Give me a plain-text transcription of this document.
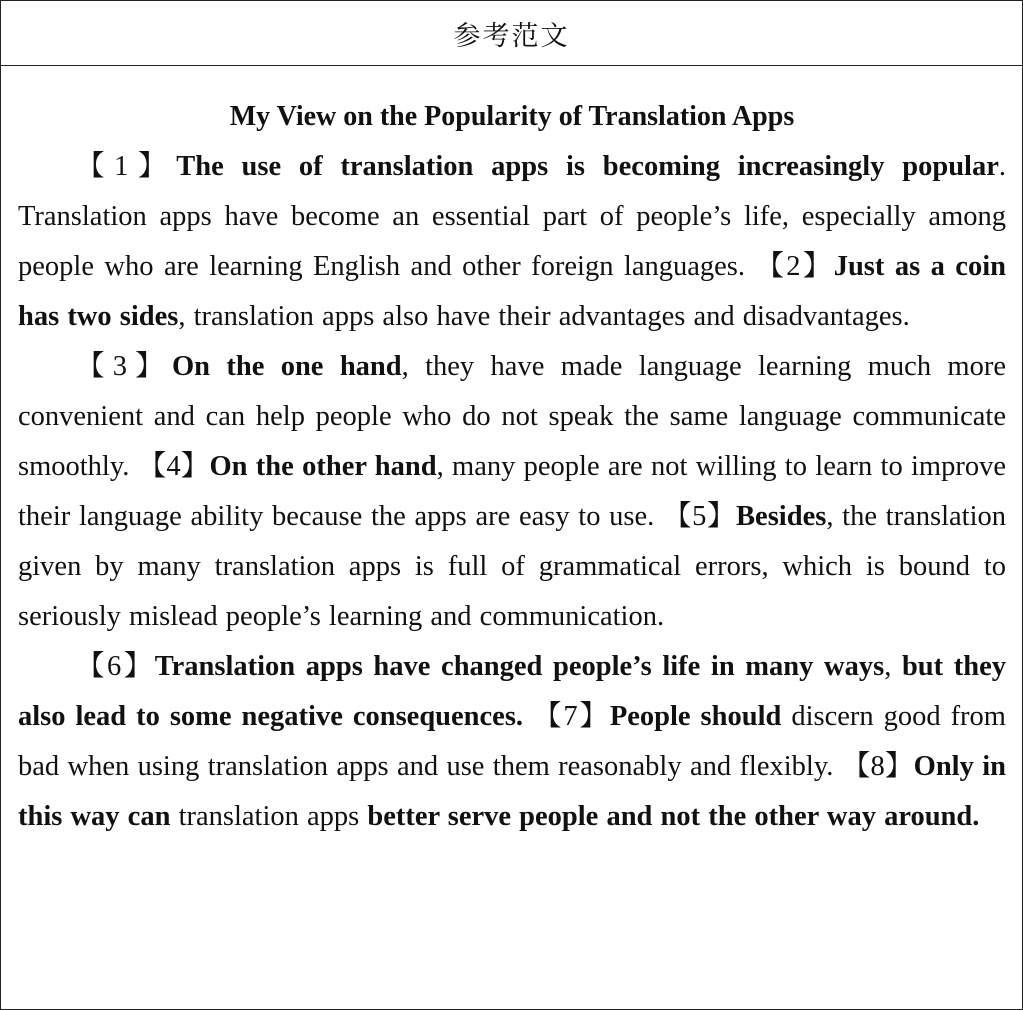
参考范文

My View on the Popularity of Translation Apps

【1】The use of translation apps is becoming increasingly popular. Translation apps have become an essential part of people’s life, especially among people who are learning English and other foreign languages. 【2】Just as a coin has two sides, translation apps also have their advantages and disadvantages.

【3】On the one hand, they have made language learning much more convenient and can help people who do not speak the same language communicate smoothly. 【4】On the other hand, many people are not willing to learn to improve their language ability because the apps are easy to use. 【5】Besides, the translation given by many translation apps is full of grammatical errors, which is bound to seriously mislead people’s learning and communication.

【6】Translation apps have changed people’s life in many ways, but they also lead to some negative consequences. 【7】People should discern good from bad when using translation apps and use them reasonably and flexibly. 【8】Only in this way can translation apps better serve people and not the other way around.
